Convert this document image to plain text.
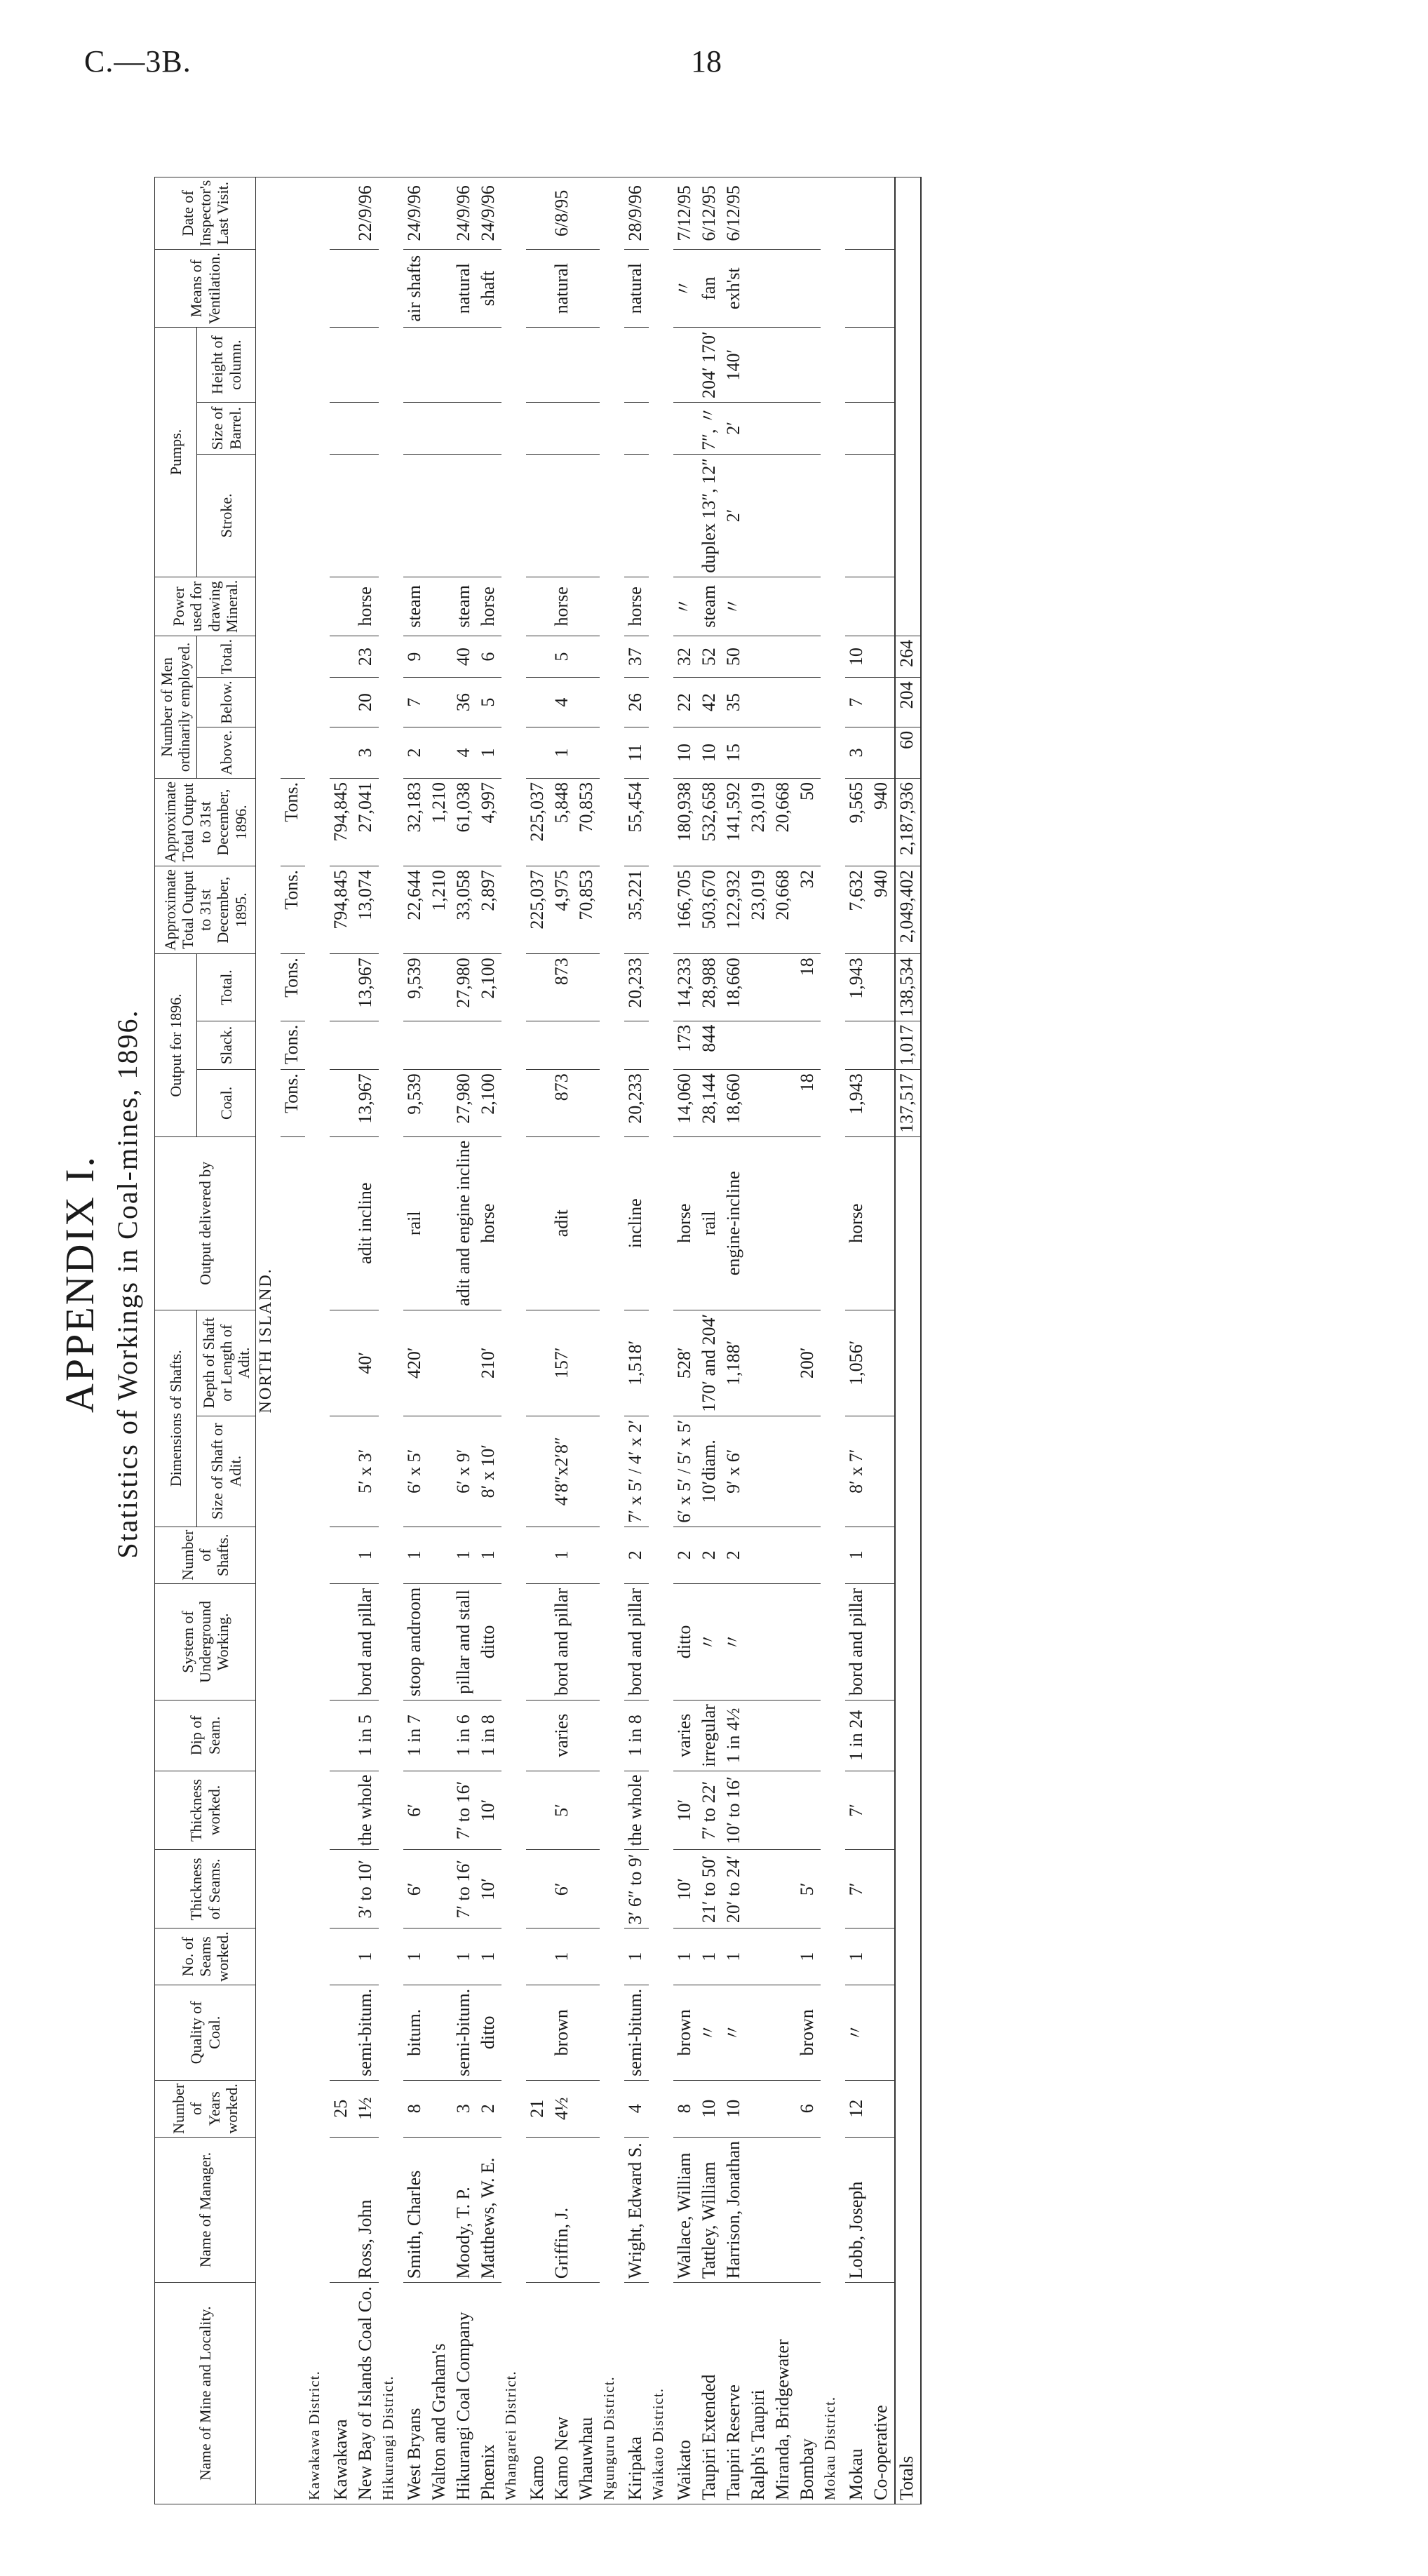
C.—3B.	18
APPENDIX I. Statistics of Workings in Coal-mines, 1896.
Name of Mine and Locality.	Name of Manager.	Number of Years worked.	Quality of Coal.	No. of Seams worked.	Thickness of Seams.	Thickness worked.	Dip of Seam.	System of Underground Working.	Number of Shafts.	Dimensions of Shafts.		Output delivered by	Output for 1896.			Approximate Total Output to 31st December, 1895.	Approximate Total Output to 31st December, 1896.	Number of Men ordinarily employed.			Power used for drawing Mineral.	Pumps.			Means of Ventilation.	Date of Inspector's Last Visit.
										Size of Shaft or Adit.	Depth of Shaft or Length of Adit.		Coal.	Slack.	Total.			Above.	Below.	Total.		Stroke.	Size of Barrel.	Height of column.		
NORTH ISLAND.																										
													Tons.	Tons.	Tons.	Tons.	Tons.									
Kawakawa District.																										
Kawakawa		25														794,845	794,845									
New Bay of Islands Coal Co.	Ross, John	1½	semi-bitum.	1	3′ to 10′	the whole	1 in 5	bord and pillar	1	5′ x 3′	40′	adit incline	13,967		13,967	13,074	27,041	3	20	23	horse					22/9/96
Hikurangi District.																										
West Bryans	Smith, Charles	8	bitum.	1	6′	6′	1 in 7	stoop androom	1	6′ x 5′	420′	rail	9,539		9,539	22,644	32,183	2	7	9	steam				air shafts	24/9/96
Walton and Graham's																1,210	1,210									
Hikurangi Coal Company	Moody, T. P.	3	semi-bitum.	1	7′ to 16′	7′ to 16′	1 in 6	pillar and stall	1	6′ x 9′		adit and engine incline	27,980		27,980	33,058	61,038	4	36	40	steam				natural	24/9/96
Phœnix	Matthews, W. E.	2	ditto	1	10′	10′	1 in 8	ditto	1	8′ x 10′	210′	horse	2,100		2,100	2,897	4,997	1	5	6	horse				shaft	24/9/96
Whangarei District.																										
Kamo		21														225,037	225,037									
Kamo New	Griffin, J.	4½	brown	1	6′	5′	varies	bord and pillar	1	4′8″x2′8″	157′	adit	873		873	4,975	5,848	1	4	5	horse				natural	6/8/95
Whauwhau																70,853	70,853									
Ngunguru District.																										
Kiripaka	Wright, Edward S.	4	semi-bitum.	1	3′ 6″ to 9′	the whole	1 in 8	bord and pillar	2	7′ x 5′ / 4′ x 2′	1,518′	incline	20,233		20,233	35,221	55,454	11	26	37	horse				natural	28/9/96
Waikato District.																										
Waikato	Wallace, William	8	brown	1	10′	10′	varies	ditto	2	6′ x 5′ / 5′ x 5′	528′	horse	14,060	173	14,233	166,705	180,938	10	22	32	〃				〃	7/12/95
Taupiri Extended	Tattley, William	10	〃	1	21′ to 50′	7′ to 22′	irregular	〃	2	10′diam.	170′ and 204′	rail	28,144	844	28,988	503,670	532,658	10	42	52	steam	duplex 13″, 12″	7″, 〃	204′ 170′	fan	6/12/95
Taupiri Reserve	Harrison, Jonathan	10	〃	1	20′ to 24′	10′ to 16′	1 in 4½	〃	2	9′ x 6′	1,188′	engine-incline	18,660		18,660	122,932	141,592	15	35	50	〃	2′	2′	140′	exh'st	6/12/95
Ralph's Taupiri																23,019	23,019									
Miranda, Bridgewater																20,668	20,668									
Bombay		6	brown	1	5′						200′		18		18	32	50									
Mokau District.																										
Mokau	Lobb, Joseph	12	〃	1	7′	7′	1 in 24	bord and pillar	1	8′ x 7′	1,056′	horse	1,943		1,943	7,632	9,565	3	7	10						
Co-operative																940	940									
Totals													137,517	1,017	138,534	2,049,402	2,187,936	60	204	264						
